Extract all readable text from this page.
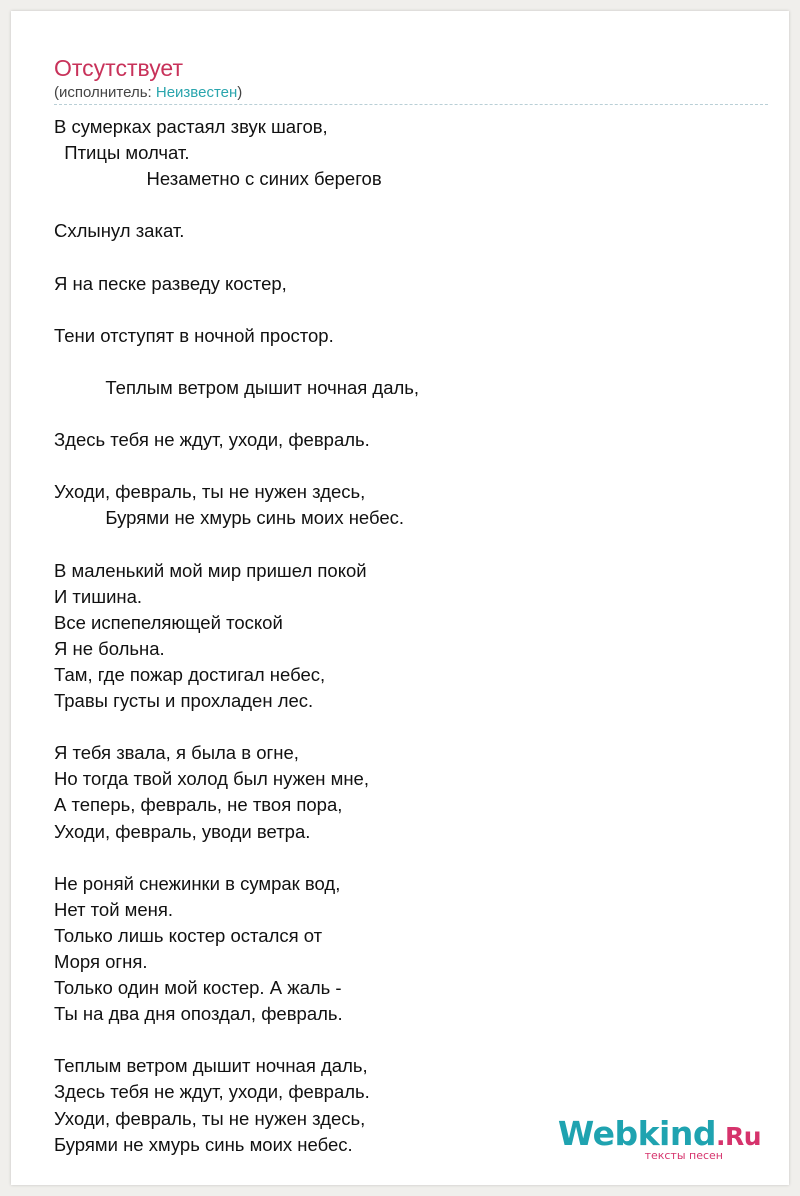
Отсутствует
(исполнитель: Неизвестен)
В сумерках растаял звук шагов,
Птицы молчат.
Незаметно с синих берегов
Схлынул закат.
Я на песке разведу костер,
Тени отступят в ночной простор.
Теплым ветром дышит ночная даль,
Здесь тебя не ждут, уходи, февраль.
Уходи, февраль, ты не нужен здесь,
Бурями не хмурь синь моих небес.
В маленький мой мир пришел покой
И тишина.
Все испепеляющей тоской
Я не больна.
Там, где пожар достигал небес,
Травы густы и прохладен лес.
Я тебя звала, я была в огне,
Но тогда твой холод был нужен мне,
А теперь, февраль, не твоя пора,
Уходи, февраль, уводи ветра.
Не роняй снежинки в сумрак вод,
Нет той меня.
Только лишь костер остался от
Моря огня.
Только один мой костер. А жаль -
Ты на два дня опоздал, февраль.
Теплым ветром дышит ночная даль,
Здесь тебя не ждут, уходи, февраль.
Уходи, февраль, ты не нужен здесь,
Бурями не хмурь синь моих небес.	Webkind.Ru
тексты песен
